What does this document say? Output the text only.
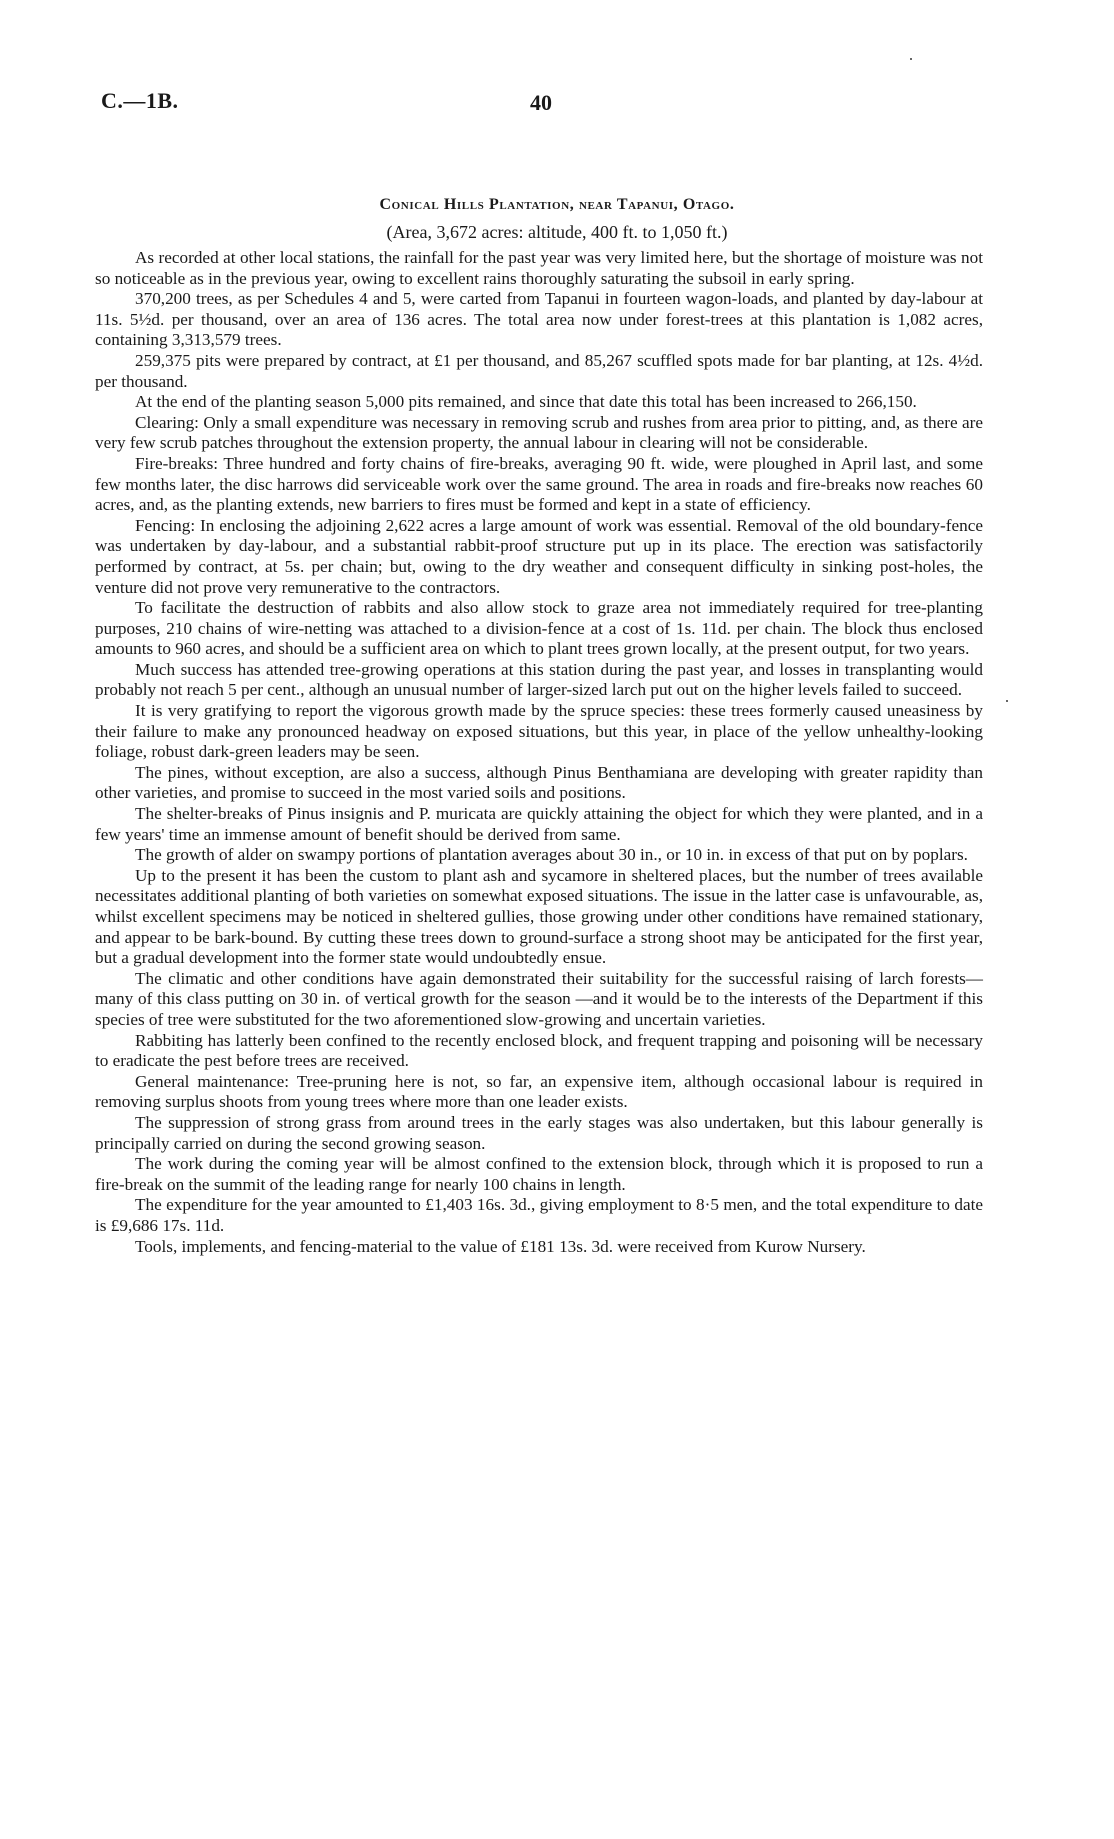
C.—1B.	40
Conical Hills Plantation, near Tapanui, Otago.
(Area, 3,672 acres: altitude, 400 ft. to 1,050 ft.)

As recorded at other local stations, the rainfall for the past year was very limited here, but the shortage of moisture was not so noticeable as in the previous year, owing to excellent rains thoroughly saturating the subsoil in early spring.

370,200 trees, as per Schedules 4 and 5, were carted from Tapanui in fourteen wagon-loads, and planted by day-labour at 11s. 5½d. per thousand, over an area of 136 acres. The total area now under forest-trees at this plantation is 1,082 acres, containing 3,313,579 trees.

259,375 pits were prepared by contract, at £1 per thousand, and 85,267 scuffled spots made for bar planting, at 12s. 4½d. per thousand.

At the end of the planting season 5,000 pits remained, and since that date this total has been increased to 266,150.

Clearing: Only a small expenditure was necessary in removing scrub and rushes from area prior to pitting, and, as there are very few scrub patches throughout the extension property, the annual labour in clearing will not be considerable.

Fire-breaks: Three hundred and forty chains of fire-breaks, averaging 90 ft. wide, were ploughed in April last, and some few months later, the disc harrows did serviceable work over the same ground. The area in roads and fire-breaks now reaches 60 acres, and, as the planting extends, new barriers to fires must be formed and kept in a state of efficiency.

Fencing: In enclosing the adjoining 2,622 acres a large amount of work was essential. Removal of the old boundary-fence was undertaken by day-labour, and a substantial rabbit-proof structure put up in its place. The erection was satisfactorily performed by contract, at 5s. per chain; but, owing to the dry weather and consequent difficulty in sinking post-holes, the venture did not prove very remunerative to the contractors.

To facilitate the destruction of rabbits and also allow stock to graze area not immediately required for tree-planting purposes, 210 chains of wire-netting was attached to a division-fence at a cost of 1s. 11d. per chain. The block thus enclosed amounts to 960 acres, and should be a sufficient area on which to plant trees grown locally, at the present output, for two years.

Much success has attended tree-growing operations at this station during the past year, and losses in transplanting would probably not reach 5 per cent., although an unusual number of larger-sized larch put out on the higher levels failed to succeed.

It is very gratifying to report the vigorous growth made by the spruce species: these trees formerly caused uneasiness by their failure to make any pronounced headway on exposed situations, but this year, in place of the yellow unhealthy-looking foliage, robust dark-green leaders may be seen.

The pines, without exception, are also a success, although Pinus Benthamiana are developing with greater rapidity than other varieties, and promise to succeed in the most varied soils and positions.

The shelter-breaks of Pinus insignis and P. muricata are quickly attaining the object for which they were planted, and in a few years' time an immense amount of benefit should be derived from same.

The growth of alder on swampy portions of plantation averages about 30 in., or 10 in. in excess of that put on by poplars.

Up to the present it has been the custom to plant ash and sycamore in sheltered places, but the number of trees available necessitates additional planting of both varieties on somewhat exposed situations. The issue in the latter case is unfavourable, as, whilst excellent specimens may be noticed in sheltered gullies, those growing under other conditions have remained stationary, and appear to be bark-bound. By cutting these trees down to ground-surface a strong shoot may be anticipated for the first year, but a gradual development into the former state would undoubtedly ensue.

The climatic and other conditions have again demonstrated their suitability for the successful raising of larch forests—many of this class putting on 30 in. of vertical growth for the season —and it would be to the interests of the Department if this species of tree were substituted for the two aforementioned slow-growing and uncertain varieties.

Rabbiting has latterly been confined to the recently enclosed block, and frequent trapping and poisoning will be necessary to eradicate the pest before trees are received.

General maintenance: Tree-pruning here is not, so far, an expensive item, although occasional labour is required in removing surplus shoots from young trees where more than one leader exists.

The suppression of strong grass from around trees in the early stages was also undertaken, but this labour generally is principally carried on during the second growing season.

The work during the coming year will be almost confined to the extension block, through which it is proposed to run a fire-break on the summit of the leading range for nearly 100 chains in length.

The expenditure for the year amounted to £1,403 16s. 3d., giving employment to 8·5 men, and the total expenditure to date is £9,686 17s. 11d.

Tools, implements, and fencing-material to the value of £181 13s. 3d. were received from Kurow Nursery.
